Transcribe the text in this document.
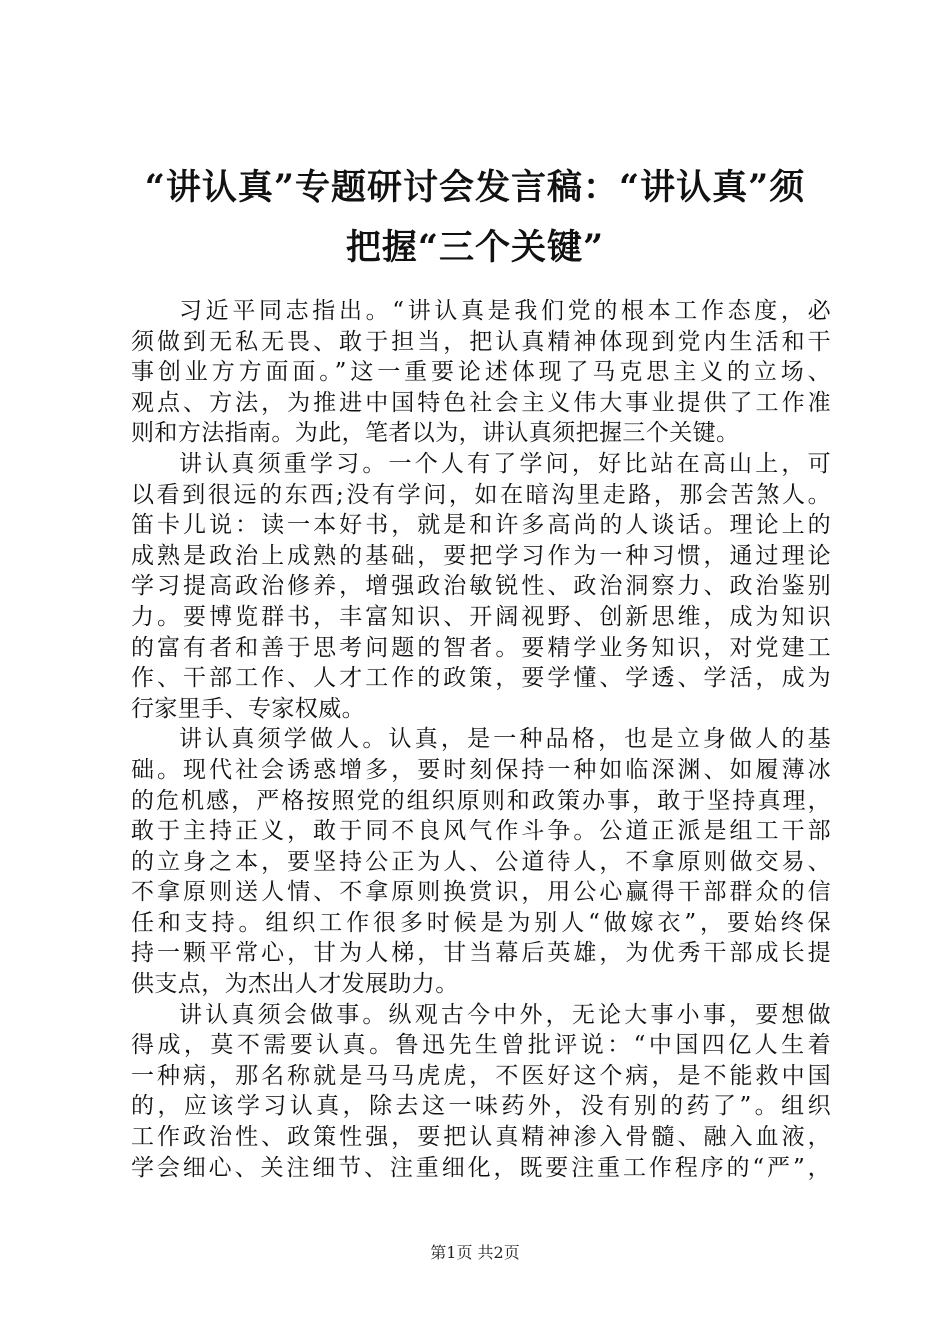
“讲认真”专题研讨会发言稿：“讲认真”须
把握“三个关键”
习近平同志指出。“讲认真是我们党的根本工作态度，必
须做到无私无畏、敢于担当，把认真精神体现到党内生活和干
事创业方方面面。”这一重要论述体现了马克思主义的立场、
观点、方法，为推进中国特色社会主义伟大事业提供了工作准
则和方法指南。为此，笔者以为，讲认真须把握三个关键。
讲认真须重学习。一个人有了学问，好比站在高山上，可
以看到很远的东西;没有学问，如在暗沟里走路，那会苦煞人。
笛卡儿说：读一本好书，就是和许多高尚的人谈话。理论上的
成熟是政治上成熟的基础，要把学习作为一种习惯，通过理论
学习提高政治修养，增强政治敏锐性、政治洞察力、政治鉴别
力。要博览群书，丰富知识、开阔视野、创新思维，成为知识
的富有者和善于思考问题的智者。要精学业务知识，对党建工
作、干部工作、人才工作的政策，要学懂、学透、学活，成为
行家里手、专家权威。
讲认真须学做人。认真，是一种品格，也是立身做人的基
础。现代社会诱惑增多，要时刻保持一种如临深渊、如履薄冰
的危机感，严格按照党的组织原则和政策办事，敢于坚持真理，
敢于主持正义，敢于同不良风气作斗争。公道正派是组工干部
的立身之本，要坚持公正为人、公道待人，不拿原则做交易、
不拿原则送人情、不拿原则换赏识，用公心赢得干部群众的信
任和支持。组织工作很多时候是为别人“做嫁衣”，要始终保
持一颗平常心，甘为人梯，甘当幕后英雄，为优秀干部成长提
供支点，为杰出人才发展助力。
讲认真须会做事。纵观古今中外，无论大事小事，要想做
得成，莫不需要认真。鲁迅先生曾批评说：“中国四亿人生着
一种病，那名称就是马马虎虎，不医好这个病，是不能救中国
的，应该学习认真，除去这一味药外，没有别的药了”。组织
工作政治性、政策性强，要把认真精神渗入骨髓、融入血液，
学会细心、关注细节、注重细化，既要注重工作程序的“严”，
第1页 共2页
